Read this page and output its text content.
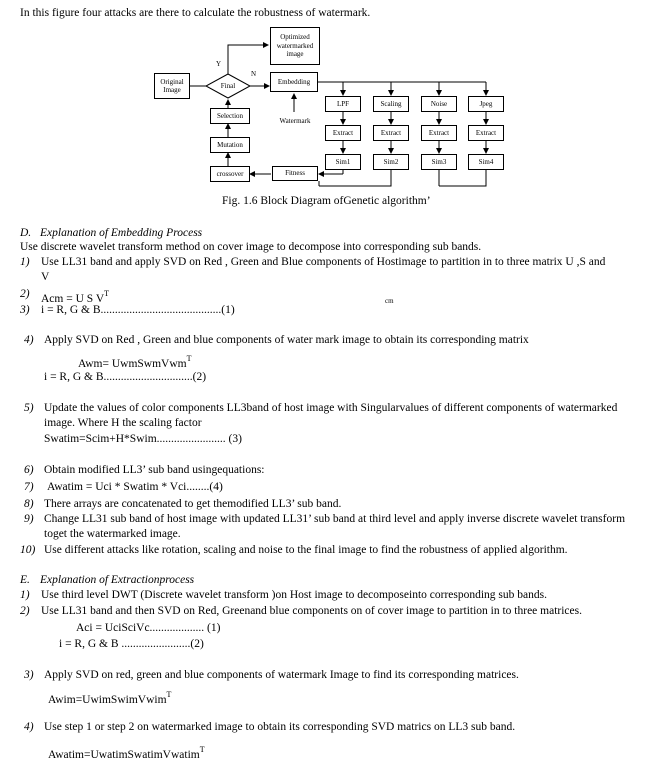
In this figure four attacks are there to calculate the robustness of watermark.
Optimized
watermarked
image
Original
Image	Final
Y
N
Embedding
Selection
Watermark
Mutation
crossover	Fitness
LPF	Scaling	Noise	Jpeg
Extract	Extract	Extract	Extract
Sim1	Sim2	Sim3	Sim4
Fig. 1.6 Block Diagram ofGenetic algorithm’
D. Explanation of Embedding Process
Use discrete wavelet transform method on cover image to decompose into corresponding sub bands.
1) Use LL31 band and apply SVD on Red , Green and Blue components of Hostimage to partition in to three matrix U ,S and
V
2) Acm = U S $V^T$
cm
3) i = R, G & B..........................................(1)
4) Apply SVD on Red , Green and blue components of water mark image to obtain its corresponding matrix
Awm= UwmSwmVwm$^T$
i = R, G & B...............................(2)
5) Update the values of color components LL3band of host image with Singularvalues of different components of watermarked
image. Where H the scaling factor
Swatim=Scim+H*Swim........................ (3)
6) Obtain modified LL3’ sub band usingequations:
7) Awatim = Uci * Swatim * Vci........(4)
8) There arrays are concatenated to get themodified LL3’ sub band.
9) Change LL31 sub band of host image with updated LL31’ sub band at third level and apply inverse discrete wavelet transform
toget the watermarked image.
10) Use different attacks like rotation, scaling and noise to the final image to find the robustness of applied algorithm.
E. Explanation of Extractionprocess
1) Use third level DWT (Discrete wavelet transform )on Host image to decomposeinto corresponding sub bands.
2) Use LL31 band and then SVD on Red, Greenand blue components on of cover image to partition in to three matrices.
Aci = UciSciVc................... (1)
i = R, G & B ........................(2)
3) Apply SVD on red, green and blue components of watermark Image to find its corresponding matrices.
Awim=UwimSwimVwim$^T$
4) Use step 1 or step 2 on watermarked image to obtain its corresponding SVD matrics on LL3 sub band.
Awatim=UwatimSwatimVwatim$^T$
